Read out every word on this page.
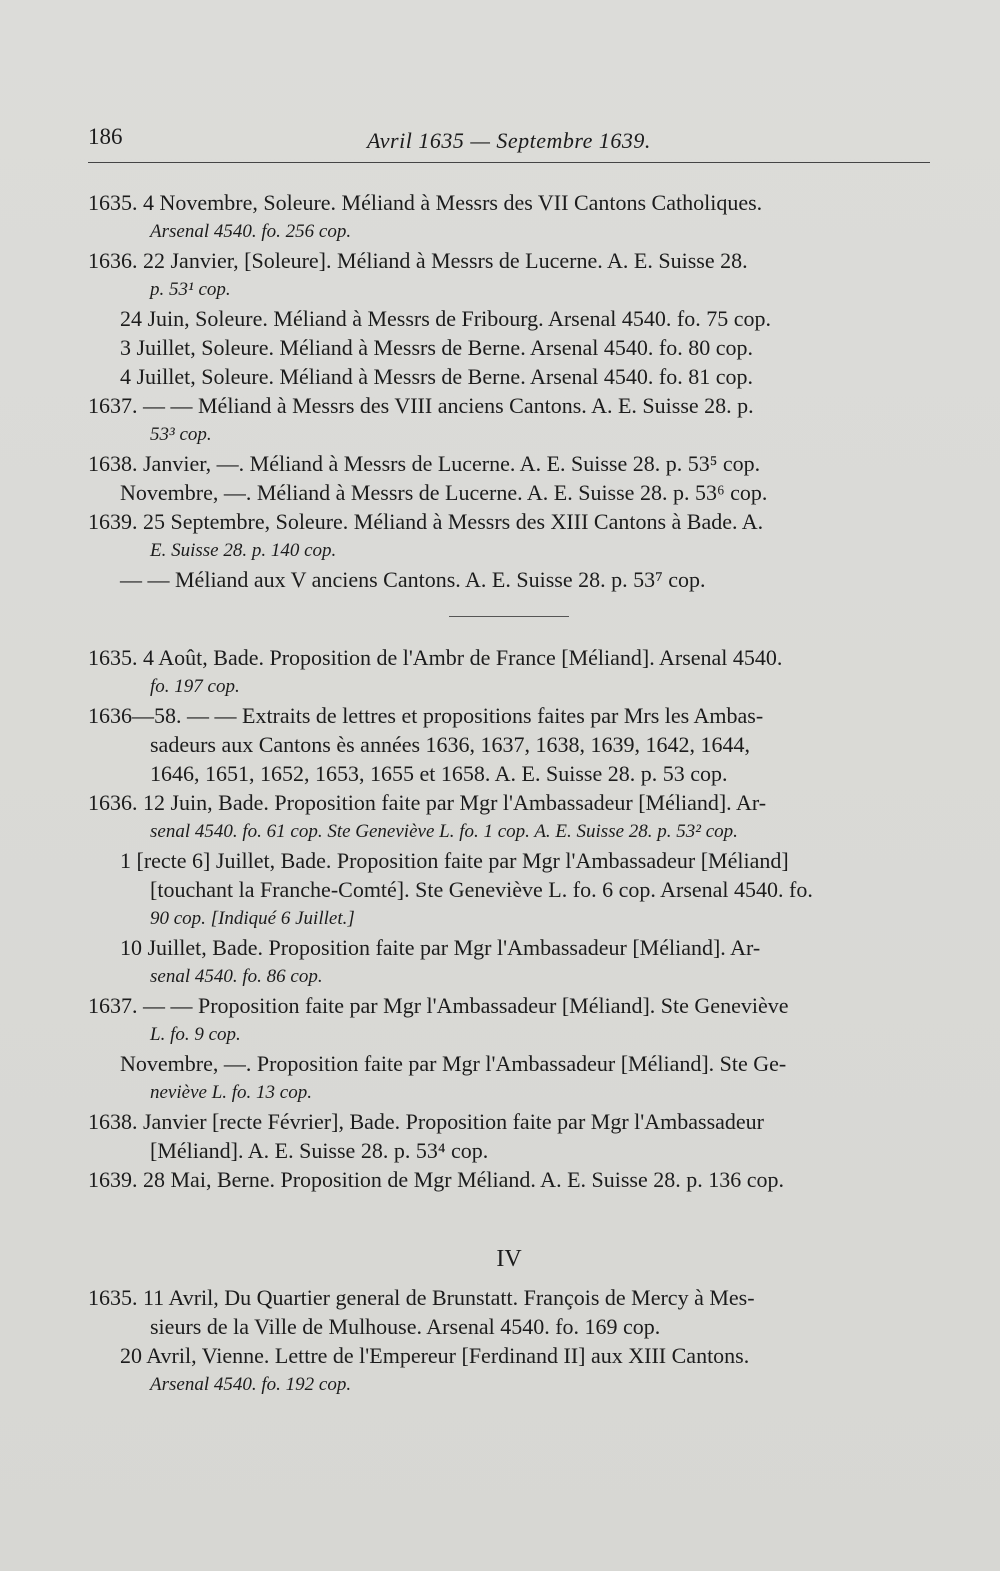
186	Avril 1635 — Septembre 1639.
1635. 4 Novembre, Soleure. Méliand à Messrs des VII Cantons Catholiques.
Arsenal 4540. fo. 256 cop.
1636. 22 Janvier, [Soleure]. Méliand à Messrs de Lucerne. A. E. Suisse 28.
p. 53¹ cop.
24 Juin, Soleure. Méliand à Messrs de Fribourg. Arsenal 4540. fo. 75 cop.
3 Juillet, Soleure. Méliand à Messrs de Berne. Arsenal 4540. fo. 80 cop.
4 Juillet, Soleure. Méliand à Messrs de Berne. Arsenal 4540. fo. 81 cop.
1637. — — Méliand à Messrs des VIII anciens Cantons. A. E. Suisse 28. p.
53³ cop.
1638. Janvier, —. Méliand à Messrs de Lucerne. A. E. Suisse 28. p. 53⁵ cop.
Novembre, —. Méliand à Messrs de Lucerne. A. E. Suisse 28. p. 53⁶ cop.
1639. 25 Septembre, Soleure. Méliand à Messrs des XIII Cantons à Bade. A.
E. Suisse 28. p. 140 cop.
— — Méliand aux V anciens Cantons. A. E. Suisse 28. p. 53⁷ cop.
1635. 4 Août, Bade. Proposition de l'Ambr de France [Méliand]. Arsenal 4540.
fo. 197 cop.
1636—58. — — Extraits de lettres et propositions faites par Mrs les Ambas-
sadeurs aux Cantons ès années 1636, 1637, 1638, 1639, 1642, 1644,
1646, 1651, 1652, 1653, 1655 et 1658. A. E. Suisse 28. p. 53 cop.
1636. 12 Juin, Bade. Proposition faite par Mgr l'Ambassadeur [Méliand]. Ar-
senal 4540. fo. 61 cop. Ste Geneviève L. fo. 1 cop. A. E. Suisse 28. p. 53² cop.
1 [recte 6] Juillet, Bade. Proposition faite par Mgr l'Ambassadeur [Méliand]
[touchant la Franche-Comté]. Ste Geneviève L. fo. 6 cop. Arsenal 4540. fo.
90 cop. [Indiqué 6 Juillet.]
10 Juillet, Bade. Proposition faite par Mgr l'Ambassadeur [Méliand]. Ar-
senal 4540. fo. 86 cop.
1637. — — Proposition faite par Mgr l'Ambassadeur [Méliand]. Ste Geneviève
L. fo. 9 cop.
Novembre, —. Proposition faite par Mgr l'Ambassadeur [Méliand]. Ste Ge-
neviève L. fo. 13 cop.
1638. Janvier [recte Février], Bade. Proposition faite par Mgr l'Ambassadeur
[Méliand]. A. E. Suisse 28. p. 53⁴ cop.
1639. 28 Mai, Berne. Proposition de Mgr Méliand. A. E. Suisse 28. p. 136 cop.
IV
1635. 11 Avril, Du Quartier general de Brunstatt. François de Mercy à Mes-
sieurs de la Ville de Mulhouse. Arsenal 4540. fo. 169 cop.
20 Avril, Vienne. Lettre de l'Empereur [Ferdinand II] aux XIII Cantons.
Arsenal 4540. fo. 192 cop.
